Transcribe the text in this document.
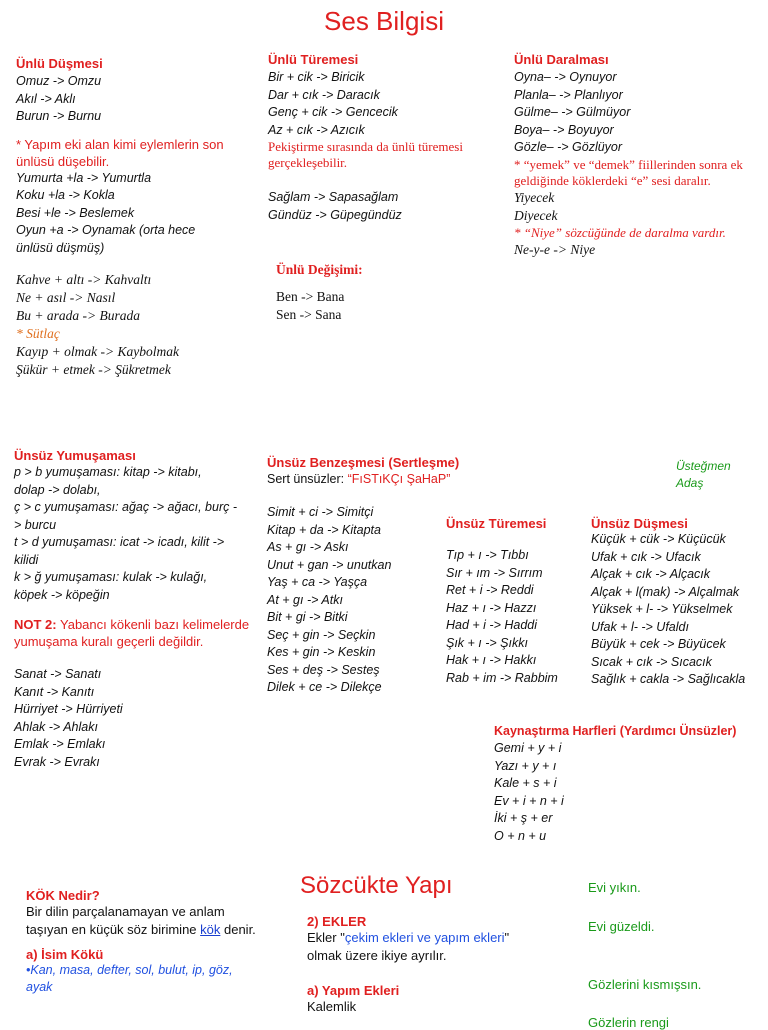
Ses Bilgisi
Ünlü Düşmesi
Omuz -> Omzu
Akıl -> Aklı
Burun -> Burnu
* Yapım eki alan kimi eylemlerin son ünlüsü düşebilir.
Yumurta +la -> Yumurtla
Koku +la -> Kokla
Besi +le -> Beslemek
Oyun +a -> Oynamak (orta hece
ünlüsü düşmüş)
Kahve + altı -> Kahvaltı
Ne + asıl -> Nasıl
Bu + arada -> Burada
* Sütlaç
Kayıp + olmak -> Kaybolmak
Şükür + etmek -> Şükretmek
Ünlü Türemesi
Bir + cik -> Biricik
Dar + cık -> Daracık
Genç + cik -> Gencecik
Az + cık -> Azıcık
Pekiştirme sırasında da ünlü türemesi gerçekleşebilir.
Sağlam -> Sapasağlam
Gündüz -> Güpegündüz
Ünlü Daralması
Oyna– -> Oynuyor
Planla– -> Planlıyor
Gülme– -> Gülmüyor
Boya– -> Boyuyor
Gözle– -> Gözlüyor
* “yemek” ve “demek” fiillerinden sonra ek geldiğinde köklerdeki “e” sesi daralır.
Yiyecek
Diyecek
* “Niye” sözcüğünde de daralma vardır.
Ne-y-e -> Niye
Ünlü Değişimi:
Ben -> Bana
Sen -> Sana
Ünsüz Yumuşaması
p > b yumuşaması: kitap -> kitabı,
dolap -> dolabı,
ç > c yumuşaması: ağaç -> ağacı, burç -
> burcu
t > d yumuşaması: icat -> icadı, kilit ->
kilidi
k > ğ yumuşaması: kulak -> kulağı,
köpek -> köpeğin
NOT 2: Yabancı kökenli bazı kelimelerde yumuşama kuralı geçerli değildir.
Sanat -> Sanatı
Kanıt -> Kanıtı
Hürriyet -> Hürriyeti
Ahlak -> Ahlakı
Emlak -> Emlakı
Evrak -> Evrakı
Ünsüz Benzeşmesi (Sertleşme)
Sert ünsüzler: “FıSTıKÇı ŞaHaP”
Simit + ci -> Simitçi
Kitap + da -> Kitapta
As + gı -> Askı
Unut + gan -> unutkan
Yaş + ca -> Yaşça
At + gı -> Atkı
Bit + gi -> Bitki
Seç + gin -> Seçkin
Kes + gin -> Keskin
Ses + deş -> Sesteş
Dilek + ce -> Dilekçe
Üsteğmen
Adaş
Ünsüz Türemesi
Tıp + ı -> Tıbbı
Sır + ım -> Sırrım
Ret + i -> Reddi
Haz + ı -> Hazzı
Had + i -> Haddi
Şık + ı -> Şıkkı
Hak + ı -> Hakkı
Rab + im -> Rabbim
Ünsüz Düşmesi
Küçük + cük -> Küçücük
Ufak + cık -> Ufacık
Alçak + cık -> Alçacık
Alçak + l(mak) -> Alçalmak
Yüksek + l- -> Yükselmek
Ufak + l- -> Ufaldı
Büyük + cek -> Büyücek
Sıcak + cık -> Sıcacık
Sağlık + cakla -> Sağlıcakla
Kaynaştırma Harfleri (Yardımcı Ünsüzler)
Gemi + y + i
Yazı + y + ı
Kale + s + i
Ev + i + n + i
İki + ş + er
O + n + u
KÖK Nedir?
Bir dilin parçalanamayan ve anlam taşıyan en küçük söz birimine kök denir.
a) İsim Kökü
•Kan, masa, defter, sol, bulut, ip, göz, ayak
Sözcükte Yapı
2) EKLER
Ekler "çekim ekleri ve yapım ekleri" olmak üzere ikiye ayrılır.
a) Yapım Ekleri
Kalemlik
Evi yıkın.
Evi güzeldi.
Gözlerini kısmışsın.
Gözlerin rengi
